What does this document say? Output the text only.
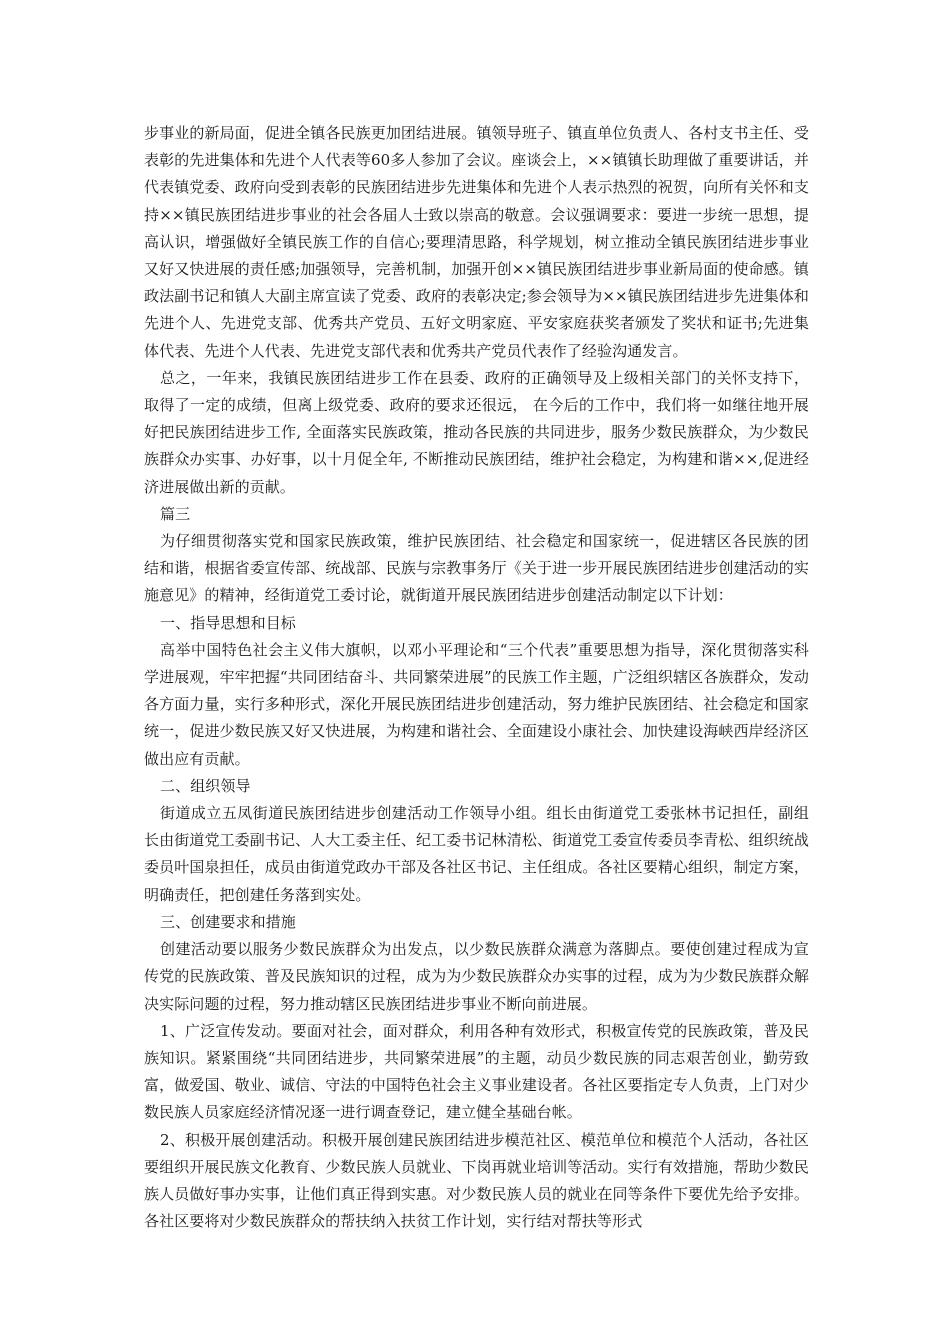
步事业的新局面，促进全镇各民族更加团结进展。镇领导班子、镇直单位负责人、各村支书主任、受表彰的先进集体和先进个人代表等60多人参加了会议。座谈会上，××镇镇长助理做了重要讲话，并代表镇党委、政府向受到表彰的民族团结进步先进集体和先进个人表示热烈的祝贺，向所有关怀和支持××镇民族团结进步事业的社会各届人士致以崇高的敬意。会议强调要求：要进一步统一思想，提高认识，增强做好全镇民族工作的自信心;要理清思路，科学规划，树立推动全镇民族团结进步事业又好又快进展的责任感;加强领导，完善机制，加强开创××镇民族团结进步事业新局面的使命感。镇政法副书记和镇人大副主席宣读了党委、政府的表彰决定;参会领导为××镇民族团结进步先进集体和先进个人、先进党支部、优秀共产党员、五好文明家庭、平安家庭获奖者颁发了奖状和证书;先进集体代表、先进个人代表、先进党支部代表和优秀共产党员代表作了经验沟通发言。

总之，一年来，我镇民族团结进步工作在县委、政府的正确领导及上级相关部门的关怀支持下，取得了一定的成绩，但离上级党委、政府的要求还很远， 在今后的工作中，我们将一如继往地开展好把民族团结进步工作, 全面落实民族政策，推动各民族的共同进步，服务少数民族群众，为少数民族群众办实事、办好事，以十月促全年, 不断推动民族团结，维护社会稳定，为构建和谐××,促进经济进展做出新的贡献。

篇三

为仔细贯彻落实党和国家民族政策，维护民族团结、社会稳定和国家统一，促进辖区各民族的团结和谐，根据省委宣传部、统战部、民族与宗教事务厅《关于进一步开展民族团结进步创建活动的实施意见》的精神，经街道党工委讨论，就街道开展民族团结进步创建活动制定以下计划：

一、指导思想和目标

高举中国特色社会主义伟大旗帜，以邓小平理论和“三个代表”重要思想为指导，深化贯彻落实科学进展观，牢牢把握“共同团结奋斗、共同繁荣进展”的民族工作主题，广泛组织辖区各族群众，发动各方面力量，实行多种形式，深化开展民族团结进步创建活动，努力维护民族团结、社会稳定和国家统一，促进少数民族又好又快进展，为构建和谐社会、全面建设小康社会、加快建设海峡西岸经济区做出应有贡献。

二、组织领导

街道成立五凤街道民族团结进步创建活动工作领导小组。组长由街道党工委张林书记担任，副组长由街道党工委副书记、人大工委主任、纪工委书记林清松、街道党工委宣传委员李青松、组织统战委员叶国泉担任，成员由街道党政办干部及各社区书记、主任组成。各社区要精心组织，制定方案，明确责任，把创建任务落到实处。

三、创建要求和措施

创建活动要以服务少数民族群众为出发点，以少数民族群众满意为落脚点。要使创建过程成为宣传党的民族政策、普及民族知识的过程，成为为少数民族群众办实事的过程，成为为少数民族群众解决实际问题的过程，努力推动辖区民族团结进步事业不断向前进展。

1、广泛宣传发动。要面对社会，面对群众，利用各种有效形式，积极宣传党的民族政策，普及民族知识。紧紧围绕“共同团结进步，共同繁荣进展”的主题，动员少数民族的同志艰苦创业，勤劳致富，做爱国、敬业、诚信、守法的中国特色社会主义事业建设者。各社区要指定专人负责，上门对少数民族人员家庭经济情况逐一进行调查登记，建立健全基础台帐。

2、积极开展创建活动。积极开展创建民族团结进步模范社区、模范单位和模范个人活动，各社区要组织开展民族文化教育、少数民族人员就业、下岗再就业培训等活动。实行有效措施，帮助少数民族人员做好事办实事，让他们真正得到实惠。对少数民族人员的就业在同等条件下要优先给予安排。各社区要将对少数民族群众的帮扶纳入扶贫工作计划，实行结对帮扶等形式
